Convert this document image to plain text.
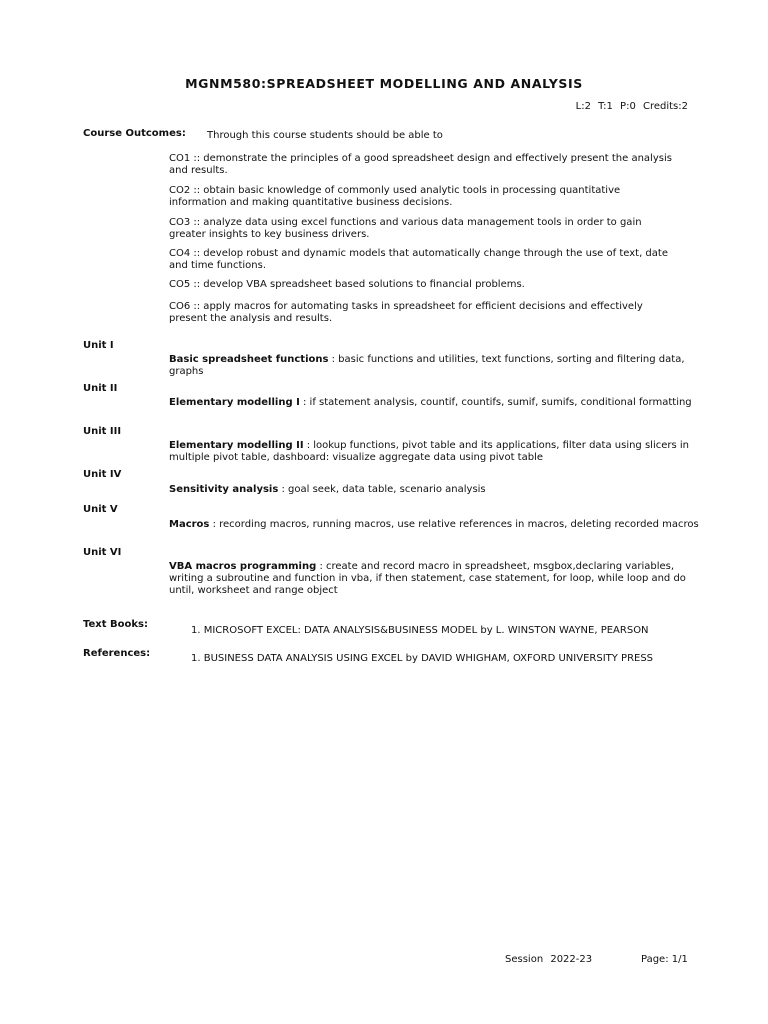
MGNM580:SPREADSHEET MODELLING AND ANALYSIS
L:2 T:1 P:0 Credits:2
Course Outcomes: Through this course students should be able to
CO1 :: demonstrate the principles of a good spreadsheet design and effectively present the analysis and results.
CO2 :: obtain basic knowledge of commonly used analytic tools in processing quantitative information and making quantitative business decisions.
CO3 :: analyze data using excel functions and various data management tools in order to gain greater insights to key business drivers.
CO4 :: develop robust and dynamic models that automatically change through the use of text, date and time functions.
CO5 :: develop VBA spreadsheet based solutions to financial problems.
CO6 :: apply macros for automating tasks in spreadsheet for efficient decisions and effectively present the analysis and results.
Unit I
Basic spreadsheet functions : basic functions and utilities, text functions, sorting and filtering data, graphs
Unit II
Elementary modelling I : if statement analysis, countif, countifs, sumif, sumifs, conditional formatting
Unit III
Elementary modelling II : lookup functions, pivot table and its applications, filter data using slicers in multiple pivot table, dashboard: visualize aggregate data using pivot table
Unit IV
Sensitivity analysis : goal seek, data table, scenario analysis
Unit V
Macros : recording macros, running macros, use relative references in macros, deleting recorded macros
Unit VI
VBA macros programming : create and record macro in spreadsheet, msgbox,declaring variables, writing a subroutine and function in vba, if then statement, case statement, for loop, while loop and do until, worksheet and range object
Text Books:
1. MICROSOFT EXCEL: DATA ANALYSIS&BUSINESS MODEL by L. WINSTON WAYNE, PEARSON
References:	1. BUSINESS DATA ANALYSIS USING EXCEL by DAVID WHIGHAM, OXFORD UNIVERSITY PRESS
Session 2022-23	Page: 1/1
